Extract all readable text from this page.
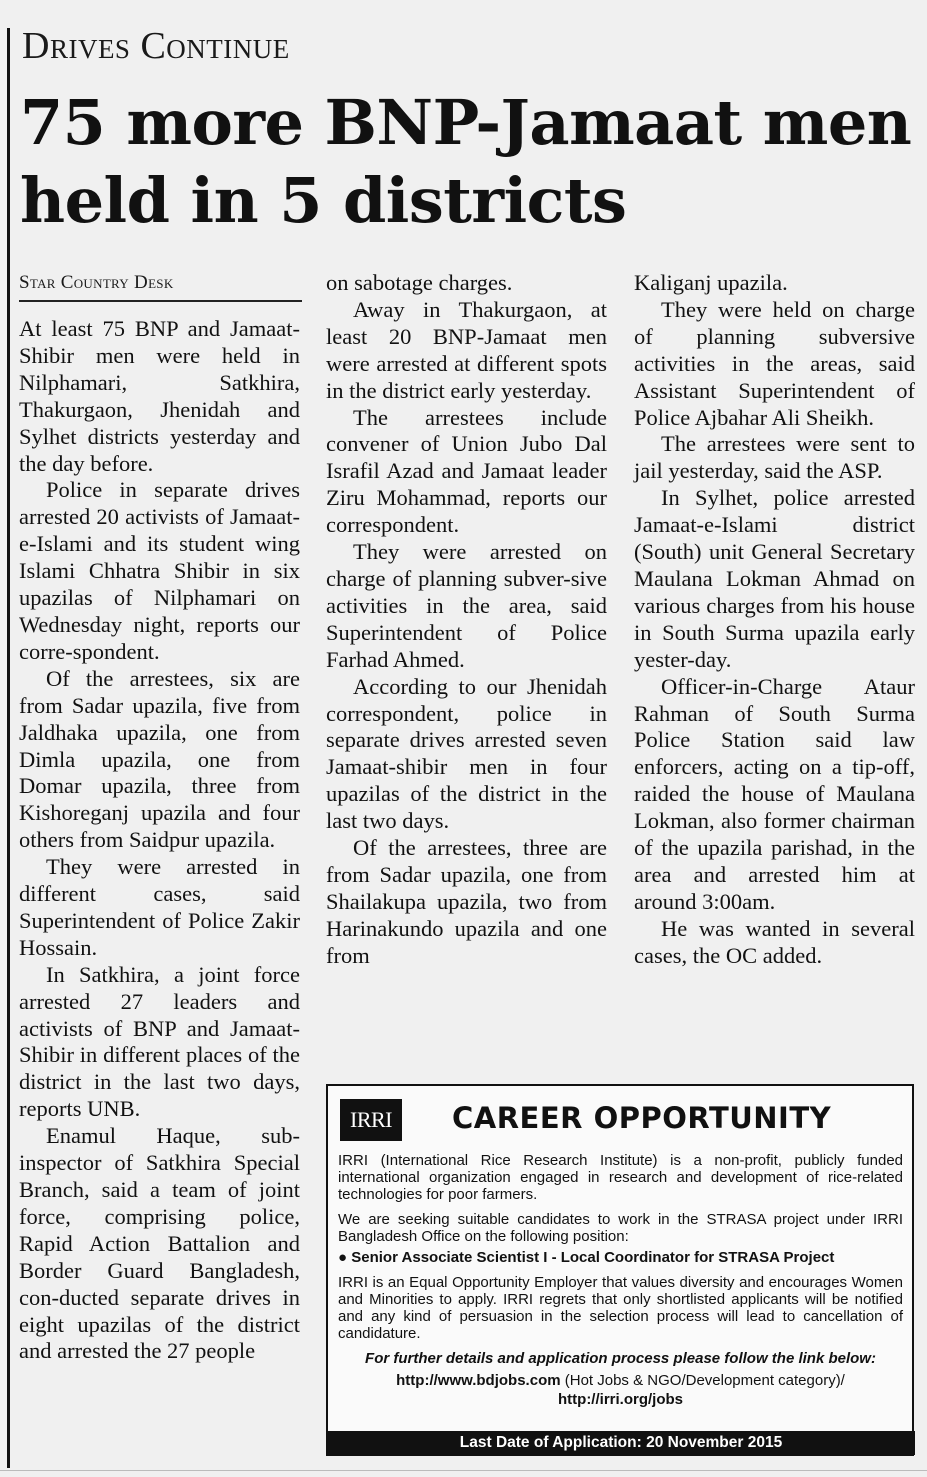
Drives Continue
75 more BNP-Jamaat men
held in 5 districts
Star Country Desk

At least 75 BNP and Jamaat-Shibir men were held in Nilphamari, Satkhira, Thakurgaon, Jhenidah and Sylhet districts yesterday and the day before.

Police in separate drives arrested 20 activists of Jamaat-e-Islami and its student wing Islami Chhatra Shibir in six upazilas of Nilphamari on Wednesday night, reports our corre-spondent.

Of the arrestees, six are from Sadar upazila, five from Jaldhaka upazila, one from Dimla upazila, one from Domar upazila, three from Kishoreganj upazila and four others from Saidpur upazila.

They were arrested in different cases, said Superintendent of Police Zakir Hossain.

In Satkhira, a joint force arrested 27 leaders and activists of BNP and Jamaat-Shibir in different places of the district in the last two days, reports UNB.

Enamul Haque, sub-inspector of Satkhira Special Branch, said a team of joint force, comprising police, Rapid Action Battalion and Border Guard Bangladesh, con-ducted separate drives in eight upazilas of the district and arrested the 27 people

on sabotage charges.

Away in Thakurgaon, at least 20 BNP-Jamaat men were arrested at different spots in the district early yesterday.

The arrestees include convener of Union Jubo Dal Israfil Azad and Jamaat leader Ziru Mohammad, reports our correspondent.

They were arrested on charge of planning subver-sive activities in the area, said Superintendent of Police Farhad Ahmed.

According to our Jhenidah correspondent, police in separate drives arrested seven Jamaat-shibir men in four upazilas of the district in the last two days.

Of the arrestees, three are from Sadar upazila, one from Shailakupa upazila, two from Harinakundo upazila and one from

Kaliganj upazila.

They were held on charge of planning subversive activities in the areas, said Assistant Superintendent of Police Ajbahar Ali Sheikh.

The arrestees were sent to jail yesterday, said the ASP.

In Sylhet, police arrested Jamaat-e-Islami district (South) unit General Secretary Maulana Lokman Ahmad on various charges from his house in South Surma upazila early yester-day.

Officer-in-Charge Ataur Rahman of South Surma Police Station said law enforcers, acting on a tip-off, raided the house of Maulana Lokman, also former chairman of the upazila parishad, in the area and arrested him at around 3:00am.

He was wanted in several cases, the OC added.

IRRI	CAREER OPPORTUNITY

IRRI (International Rice Research Institute) is a non-profit, publicly funded international organization engaged in research and development of rice-related technologies for poor farmers.

We are seeking suitable candidates to work in the STRASA project under IRRI Bangladesh Office on the following position:

● Senior Associate Scientist I - Local Coordinator for STRASA Project

IRRI is an Equal Opportunity Employer that values diversity and encourages Women and Minorities to apply. IRRI regrets that only shortlisted applicants will be notified and any kind of persuasion in the selection process will lead to cancellation of candidature.

For further details and application process please follow the link below:

http://www.bdjobs.com (Hot Jobs & NGO/Development category)/
http://irri.org/jobs

Last Date of Application: 20 November 2015
